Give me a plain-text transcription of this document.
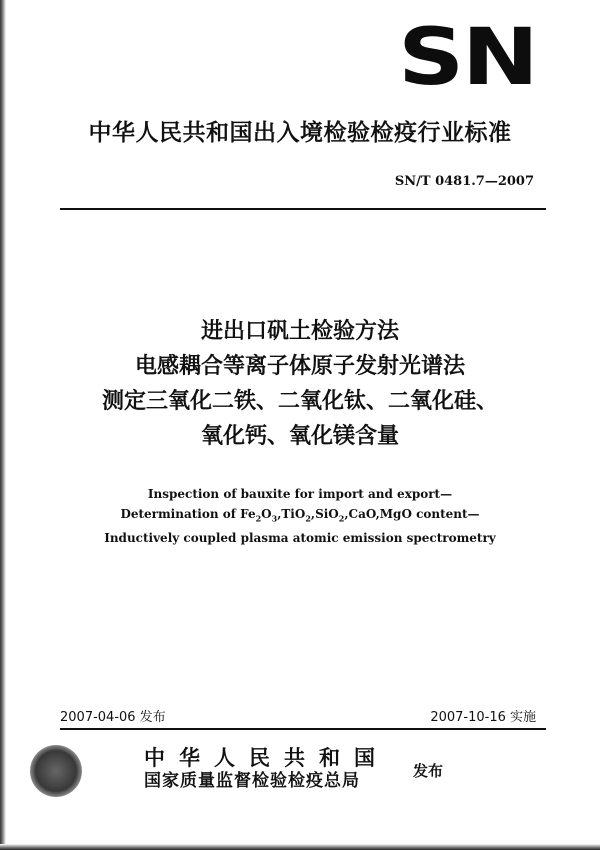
SN
中华人民共和国出入境检验检疫行业标准
SN/T 0481.7—2007
进出口矾土检验方法
电感耦合等离子体原子发射光谱法
测定三氧化二铁、二氧化钛、二氧化硅、
氧化钙、氧化镁含量
Inspection of bauxite for import and export—
Determination of $Fe_2O_3,TiO_2,SiO_2,CaO,MgO$ content—
Inductively coupled plasma atomic emission spectrometry
2007-04-06 发布	2007-10-16 实施
中华人民共和国
国家质量监督检验检疫总局	发布
